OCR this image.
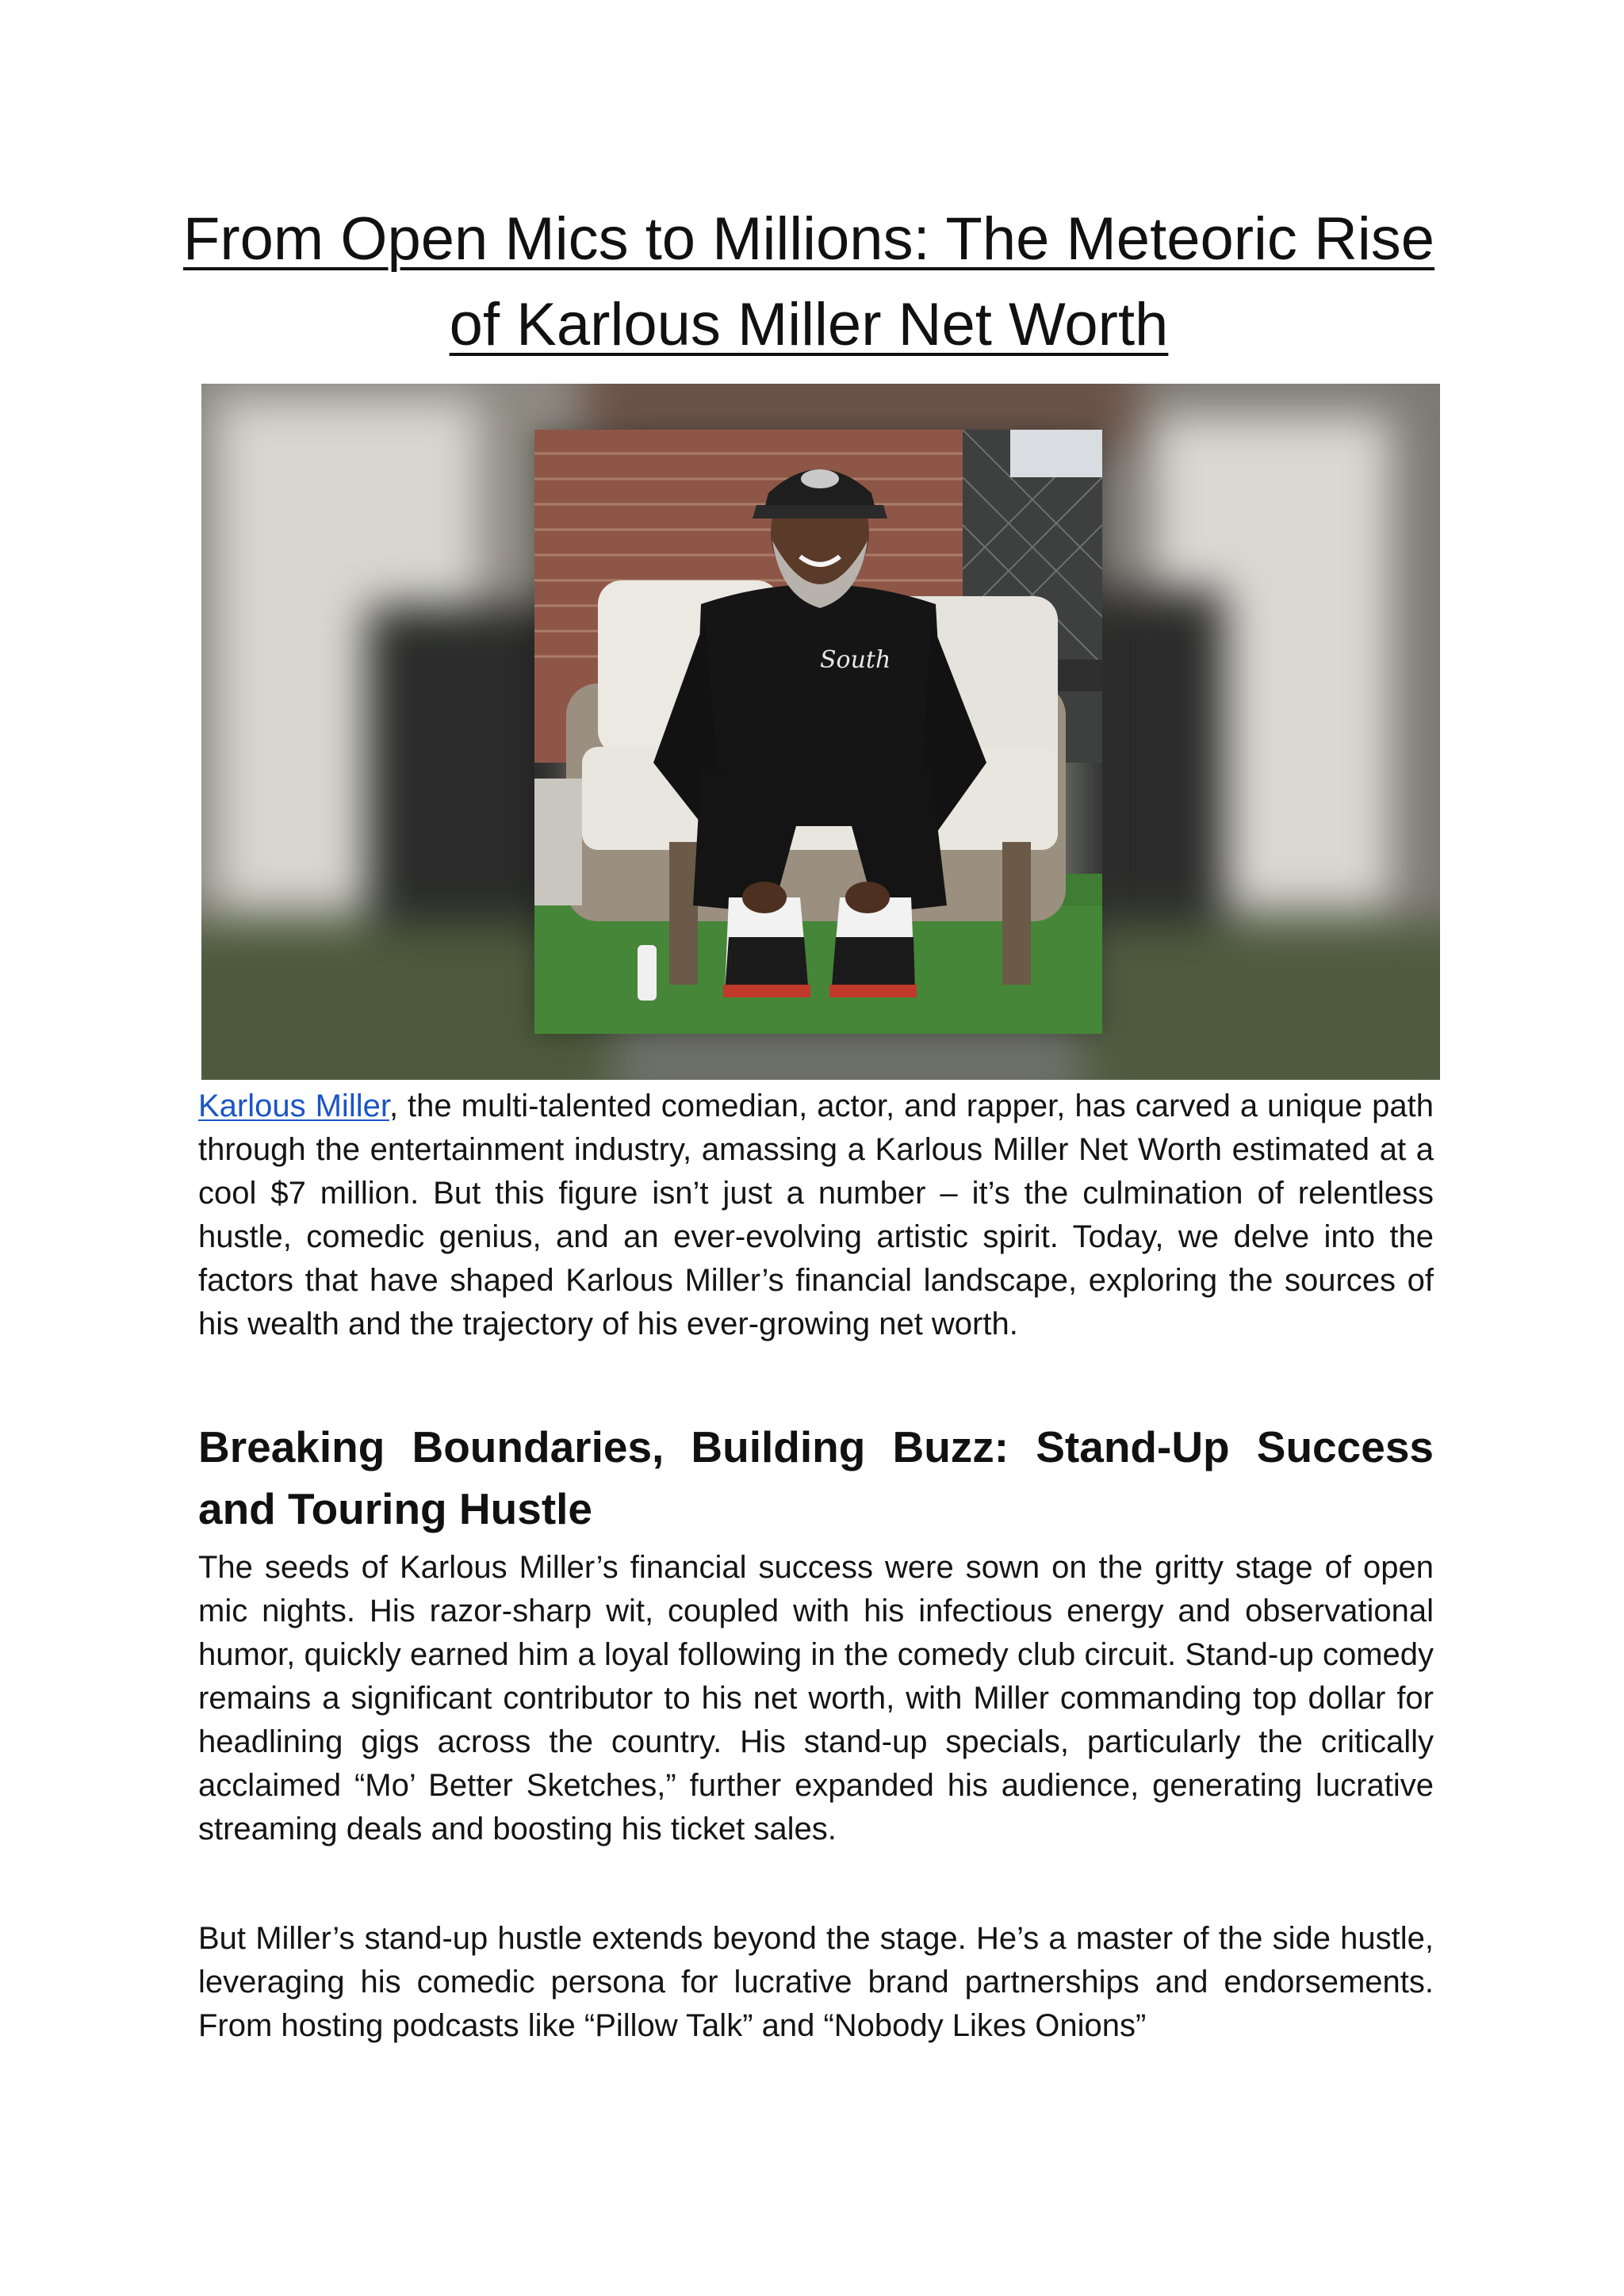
From Open Mics to Millions: The Meteoric Rise of Karlous Miller Net Worth
South

Karlous Miller, the multi-talented comedian, actor, and rapper, has carved a unique path through the entertainment industry, amassing a Karlous Miller Net Worth estimated at a cool $7 million. But this figure isn’t just a number – it’s the culmination of relentless hustle, comedic genius, and an ever-evolving artistic spirit. Today, we delve into the factors that have shaped Karlous Miller’s financial landscape, exploring the sources of his wealth and the trajectory of his ever-growing net worth.

Breaking Boundaries, Building Buzz: Stand-Up Success and Touring Hustle

The seeds of Karlous Miller’s financial success were sown on the gritty stage of open mic nights. His razor-sharp wit, coupled with his infectious energy and observational humor, quickly earned him a loyal following in the comedy club circuit. Stand-up comedy remains a significant contributor to his net worth, with Miller commanding top dollar for headlining gigs across the country. His stand-up specials, particularly the critically acclaimed “Mo’ Better Sketches,” further expanded his audience, generating lucrative streaming deals and boosting his ticket sales.

But Miller’s stand-up hustle extends beyond the stage. He’s a master of the side hustle, leveraging his comedic persona for lucrative brand partnerships and endorsements. From hosting podcasts like “Pillow Talk” and “Nobody Likes Onions”
